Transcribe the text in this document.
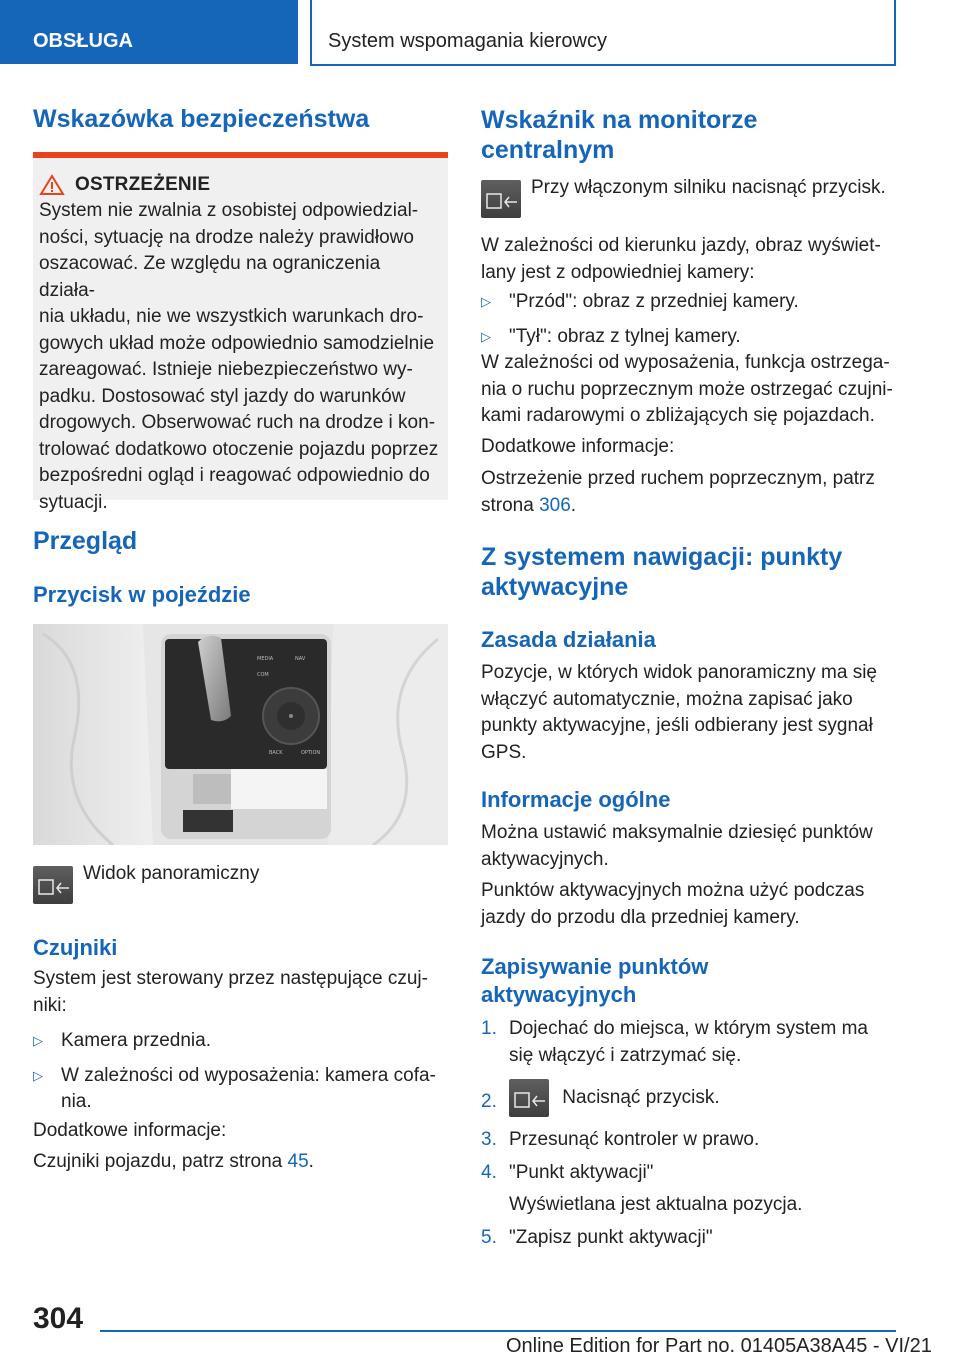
OBSŁUGA	System wspomagania kierowcy
Wskazówka bezpieczeństwa
OSTRZEŻENIE
System nie zwalnia z osobistej odpowiedzial-
ności, sytuację na drodze należy prawidłowo
oszacować. Ze względu na ograniczenia działa-
nia układu, nie we wszystkich warunkach dro-
gowych układ może odpowiednio samodzielnie
zareagować. Istnieje niebezpieczeństwo wy-
padku. Dostosować styl jazdy do warunków
drogowych. Obserwować ruch na drodze i kon-
trolować dodatkowo otoczenie pojazdu poprzez
bezpośredni ogląd i reagować odpowiednio do
sytuacji.
Przegląd
Przycisk w pojeździe
MEDIA
COM
NAV
BACK	OPTION
Widok panoramiczny
Czujniki
System jest sterowany przez następujące czuj-
niki:
▷ Kamera przednia.
▷ W zależności od wyposażenia: kamera cofa-
nia.
Dodatkowe informacje:
Czujniki pojazdu, patrz strona 45.
Wskaźnik na monitorze
centralnym
Przy włączonym silniku nacisnąć przycisk.
W zależności od kierunku jazdy, obraz wyświet-
lany jest z odpowiedniej kamery:
▷ "Przód": obraz z przedniej kamery.
▷ "Tył": obraz z tylnej kamery.
W zależności od wyposażenia, funkcja ostrzega-
nia o ruchu poprzecznym może ostrzegać czujni-
kami radarowymi o zbliżających się pojazdach.
Dodatkowe informacje:
Ostrzeżenie przed ruchem poprzecznym, patrz
strona 306.
Z systemem nawigacji: punkty
aktywacyjne
Zasada działania
Pozycje, w których widok panoramiczny ma się
włączyć automatycznie, można zapisać jako
punkty aktywacyjne, jeśli odbierany jest sygnał
GPS.
Informacje ogólne
Można ustawić maksymalnie dziesięć punktów
aktywacyjnych.
Punktów aktywacyjnych można użyć podczas
jazdy do przodu dla przedniej kamery.
Zapisywanie punktów
aktywacyjnych
1. Dojechać do miejsca, w którym system ma
się włączyć i zatrzymać się.
2.	Nacisnąć przycisk.
3. Przesunąć kontroler w prawo.
4. "Punkt aktywacji"
Wyświetlana jest aktualna pozycja.
5. "Zapisz punkt aktywacji"
304
Online Edition for Part no. 01405A38A45 - VI/21
